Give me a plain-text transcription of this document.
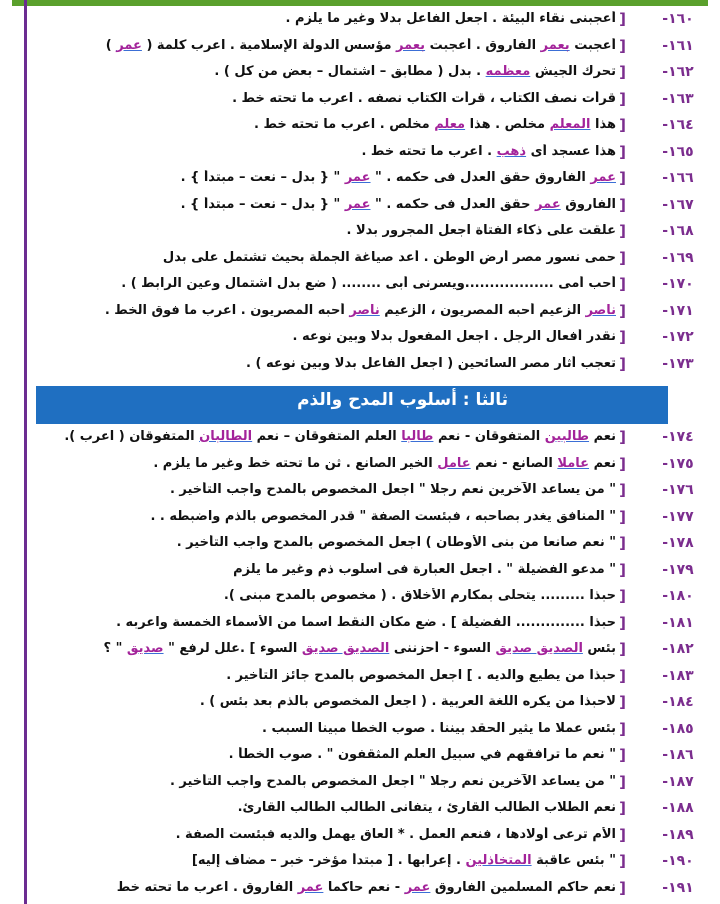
١٦٠-
[
أعجبنى نقاء البيئة . اجعل الفاعل بدلا وغير ما يلزم .
١٦١-
[
أعجبت بعمر الفاروق . أعجبت بعمر مؤسس الدولة الإسلامية . اعرب كلمة ( عمر )
١٦٢-
[
تحرك الجيش معظمه . بدل ( مطابق – اشتمال – بعض من كل ) .
١٦٣-
[
قرأت نصف الكتاب ، قرأت الكتاب نصفه . اعرب ما تحته خط .
١٦٤-
[
هذا المعلم مخلص . هذا معلم مخلص . اعرب ما تحته خط .
١٦٥-
[
هذا عسجد أى ذهب . اعرب ما تحته خط .
١٦٦-
[
عمر الفاروق حقق العدل فى حكمه . " عمر " { بدل – نعت – مبتدأ } .
١٦٧-
[
الفاروق عمر حقق العدل فى حكمه . " عمر " { بدل – نعت – مبتدأ } .
١٦٨-
[
علقت على ذكاء الفتاة اجعل المجرور بدلا .
١٦٩-
[
حمى نسور مصر أرض الوطن . أعد صياغة الجملة بحيث تشتمل على بدل
١٧٠-
[
أحب أمى ..................ويسرنى أبى ........ ( ضع بدل اشتمال وعين الرابط ) .
١٧١-
[
ناصر الزعيم أحبه المصريون ، الزعيم ناصر أحبه المصريون . اعرب ما فوق الخط .
١٧٢-
[
نقدر أفعال الرجل . اجعل المفعول بدلا وبين نوعه .
١٧٣-
[
تعجب أثار مصر السائحين ( اجعل الفاعل بدلا وبين نوعه ) .
ثالثا : أسلوب المدح والذم
١٧٤-
[
نعم طالبين المتفوقان - نعم طالبا العلم المتفوقان – نعم الطالبان المتفوقان ( اعرب ).
١٧٥-
[
نعم عاملا الصانع - نعم عامل الخير الصانع . ثن ما تحته خط وغير ما يلزم .
١٧٦-
[
" من يساعد الآخرين نعم رجلا " اجعل المخصوص بالمدح واجب التأخير .
١٧٧-
[
" المنافق يغدر بصاحبه ، فبئست الصفة " قدر المخصوص بالذم واضبطه . .
١٧٨-
[
" نعم صانعا من بنى الأوطان ) اجعل المخصوص بالمدح واجب التأخير .
١٧٩-
[
" مدعو الفضيلة " . اجعل العبارة فى أسلوب ذم وغير ما يلزم
١٨٠-
[
حبذا ......... يتحلى بمكارم الأخلاق . ( مخصوص بالمدح مبنى ).
١٨١-
[
حبذا .............. الفضيلة ] . ضع مكان النقط اسما من الأسماء الخمسة واعربه .
١٨٢-
[
بئس الصديق صديق السوء - أحزننى الصديق صديق السوء ] .علل لرفع " صديق " ؟
١٨٣-
[
حبذا من يطيع والديه . ] اجعل المخصوص بالمدح جائز التأخير .
١٨٤-
[
لاحبذا من يكره اللغة العربية . ( اجعل المخصوص بالذم بعد بئس ) .
١٨٥-
[
بئس عملا ما يثير الحقد بيننا . صوب الخطأ مبينا السبب .
١٨٦-
[
" نعم ما ترافقهم في سبيل العلم المثقفون " . صوب الخطأ .
١٨٧-
[
" من يساعد الآخرين نعم رجلا " اجعل المخصوص بالمدح واجب التأخير .
١٨٨-
[
نعم الطلاب الطالب القارئ ، يتفانى الطالب الطالب القارئ.
١٨٩-
[
الأم ترعى أولادها ، فنعم العمل . * العاق يهمل والديه فبئست الصفة .
١٩٠-
[
" بئس عاقبة المتخاذلين . إعرابها . [ مبتدأ مؤخر- خبر – مضاف إليه]
١٩١-
[
نعم حاكم المسلمين الفاروق عمر - نعم حاكما عمر الفاروق . اعرب ما تحته خط
